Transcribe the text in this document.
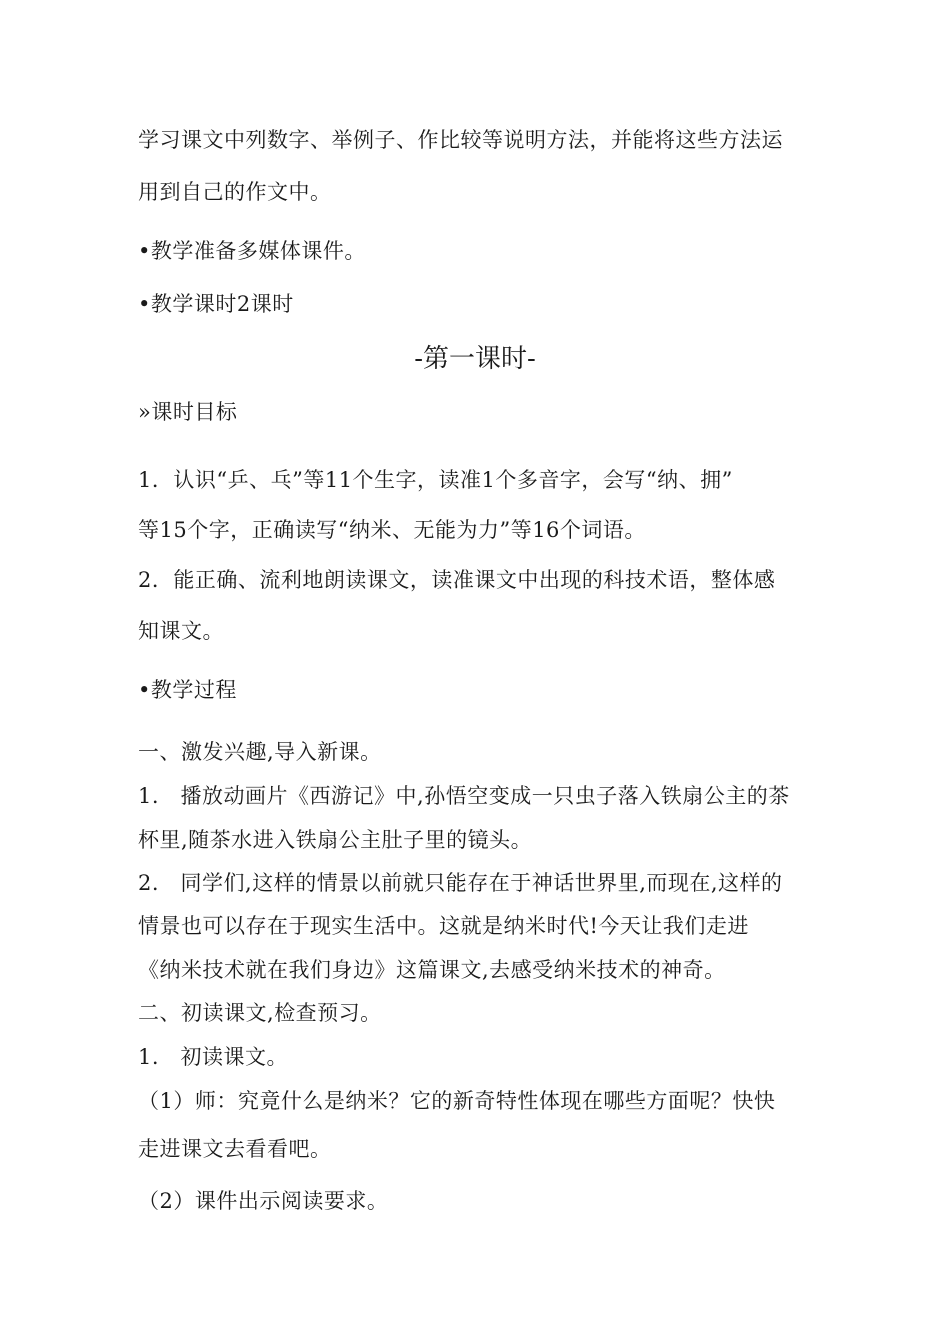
学习课文中列数字、举例子、作比较等说明方法，并能将这些方法运
用到自己的作文中。
•教学准备多媒体课件。
•教学课时2课时
-第一课时-
»课时目标
1．认识“乒、乓”等11个生字，读准1个多音字，会写“纳、拥”
等15个字，正确读写“纳米、无能为力”等16个词语。
2．能正确、流利地朗读课文，读准课文中出现的科技术语，整体感
知课文。
•教学过程
一、激发兴趣,导入新课。
1.　播放动画片《西游记》中,孙悟空变成一只虫子落入铁扇公主的茶
杯里,随茶水进入铁扇公主肚子里的镜头。
2.　同学们,这样的情景以前就只能存在于神话世界里,而现在,这样的
情景也可以存在于现实生活中。这就是纳米时代!今天让我们走进
《纳米技术就在我们身边》这篇课文,去感受纳米技术的神奇。
二、初读课文,检查预习。
1.　初读课文。
（1）师：究竟什么是纳米？它的新奇特性体现在哪些方面呢？快快
走进课文去看看吧。
（2）课件出示阅读要求。
